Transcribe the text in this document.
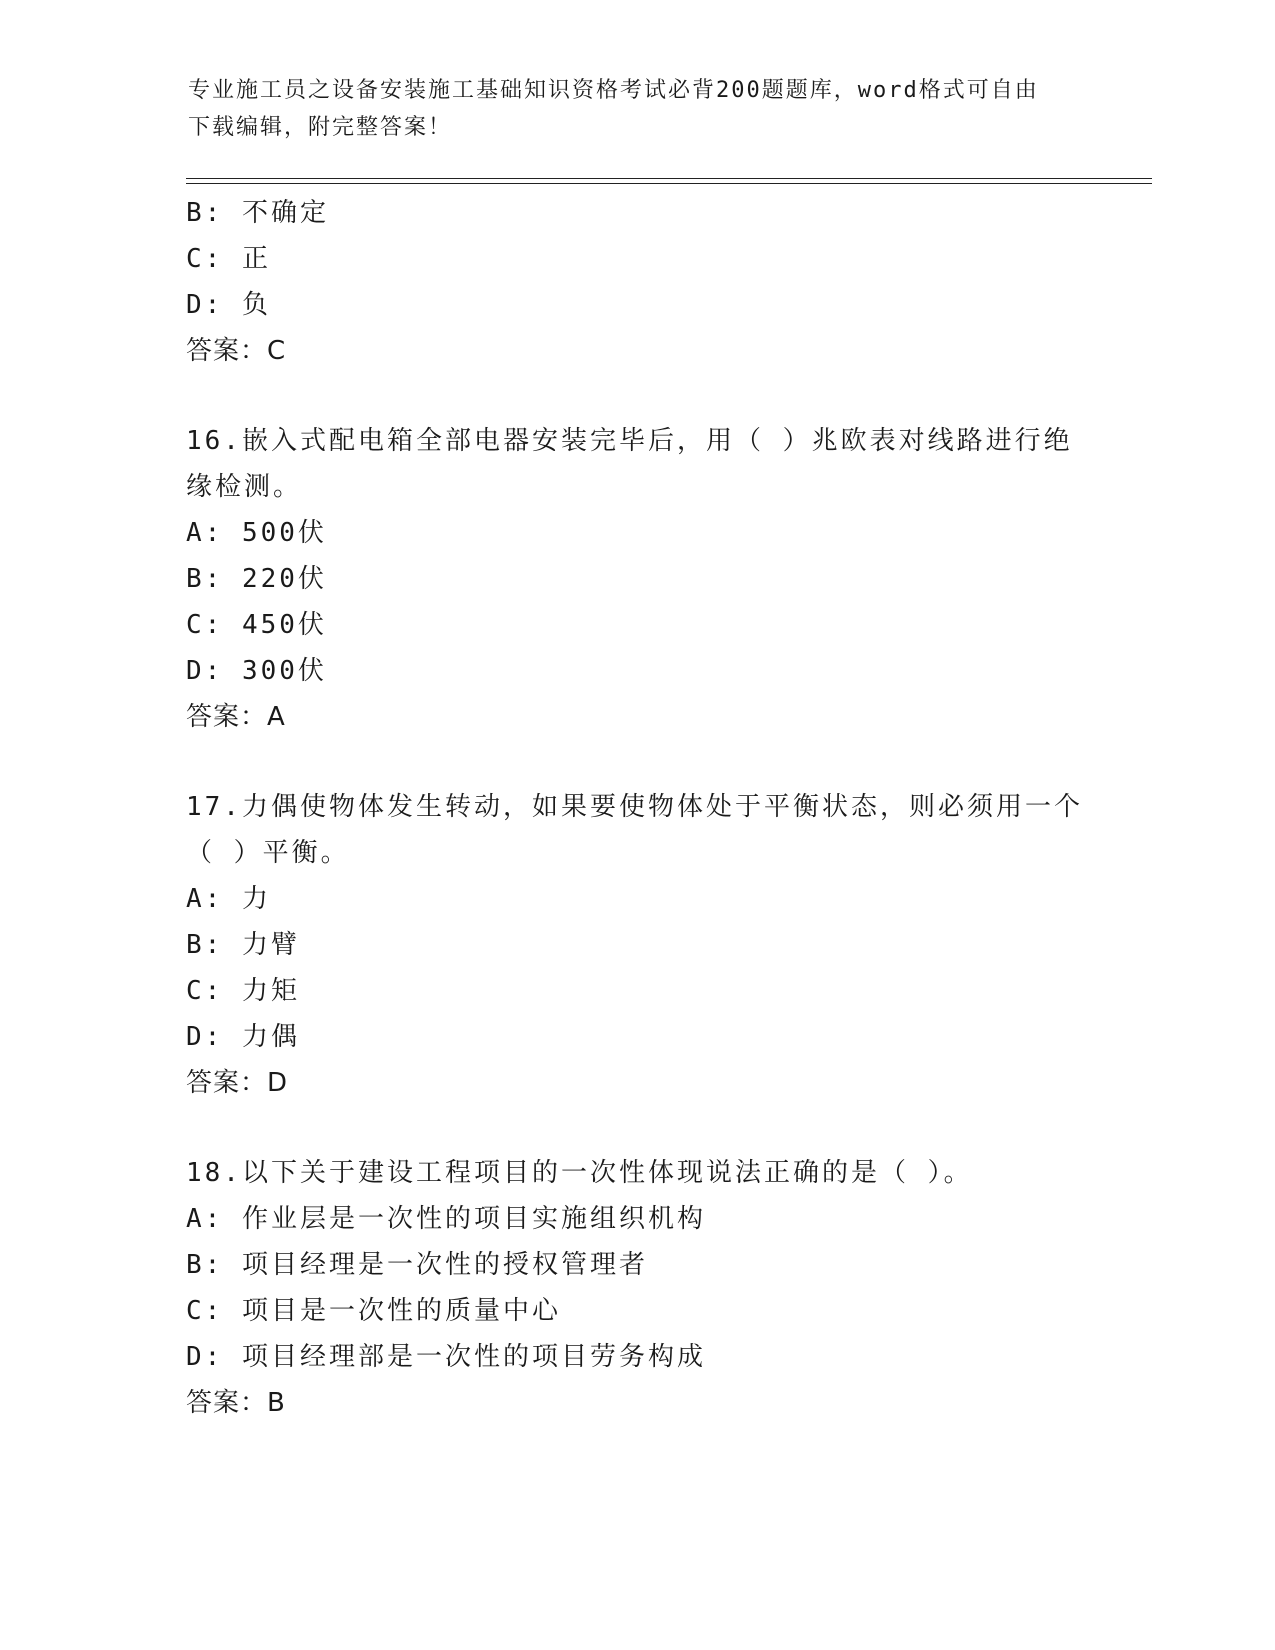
专业施工员之设备安装施工基础知识资格考试必背200题题库，word格式可自由
下载编辑，附完整答案！
B: 不确定
C: 正
D: 负
答案：C
16.嵌入式配电箱全部电器安装完毕后，用（ ）兆欧表对线路进行绝
缘检测。
A: 500伏
B: 220伏
C: 450伏
D: 300伏
答案：A
17.力偶使物体发生转动，如果要使物体处于平衡状态，则必须用一个
（ ）平衡。
A: 力
B: 力臂
C: 力矩
D: 力偶
答案：D
18.以下关于建设工程项目的一次性体现说法正确的是（ ）。
A: 作业层是一次性的项目实施组织机构
B: 项目经理是一次性的授权管理者
C: 项目是一次性的质量中心
D: 项目经理部是一次性的项目劳务构成
答案：B
